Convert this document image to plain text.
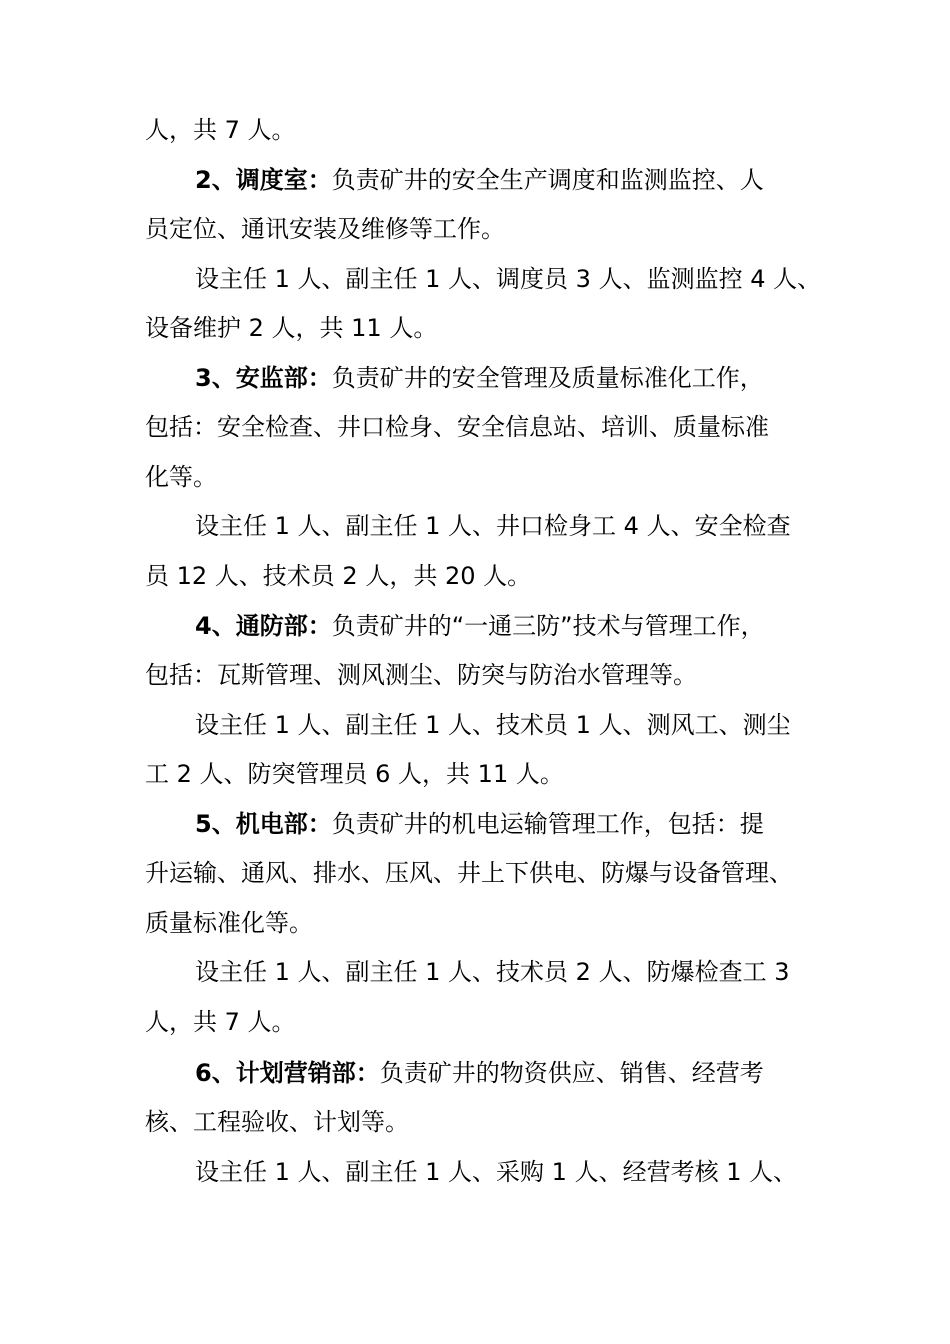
人，共 7 人。
2、调度室：负责矿井的安全生产调度和监测监控、人
员定位、通讯安装及维修等工作。
设主任 1 人、副主任 1 人、调度员 3 人、监测监控 4 人、
设备维护 2 人，共 11 人。
3、安监部：负责矿井的安全管理及质量标准化工作，
包括：安全检查、井口检身、安全信息站、培训、质量标准
化等。
设主任 1 人、副主任 1 人、井口检身工 4 人、安全检查
员 12 人、技术员 2 人，共 20 人。
4、通防部：负责矿井的“一通三防”技术与管理工作，
包括：瓦斯管理、测风测尘、防突与防治水管理等。
设主任 1 人、副主任 1 人、技术员 1 人、测风工、测尘
工 2 人、防突管理员 6 人，共 11 人。
5、机电部：负责矿井的机电运输管理工作，包括：提
升运输、通风、排水、压风、井上下供电、防爆与设备管理、
质量标准化等。
设主任 1 人、副主任 1 人、技术员 2 人、防爆检查工 3
人，共 7 人。
6、计划营销部：负责矿井的物资供应、销售、经营考
核、工程验收、计划等。
设主任 1 人、副主任 1 人、采购 1 人、经营考核 1 人、
